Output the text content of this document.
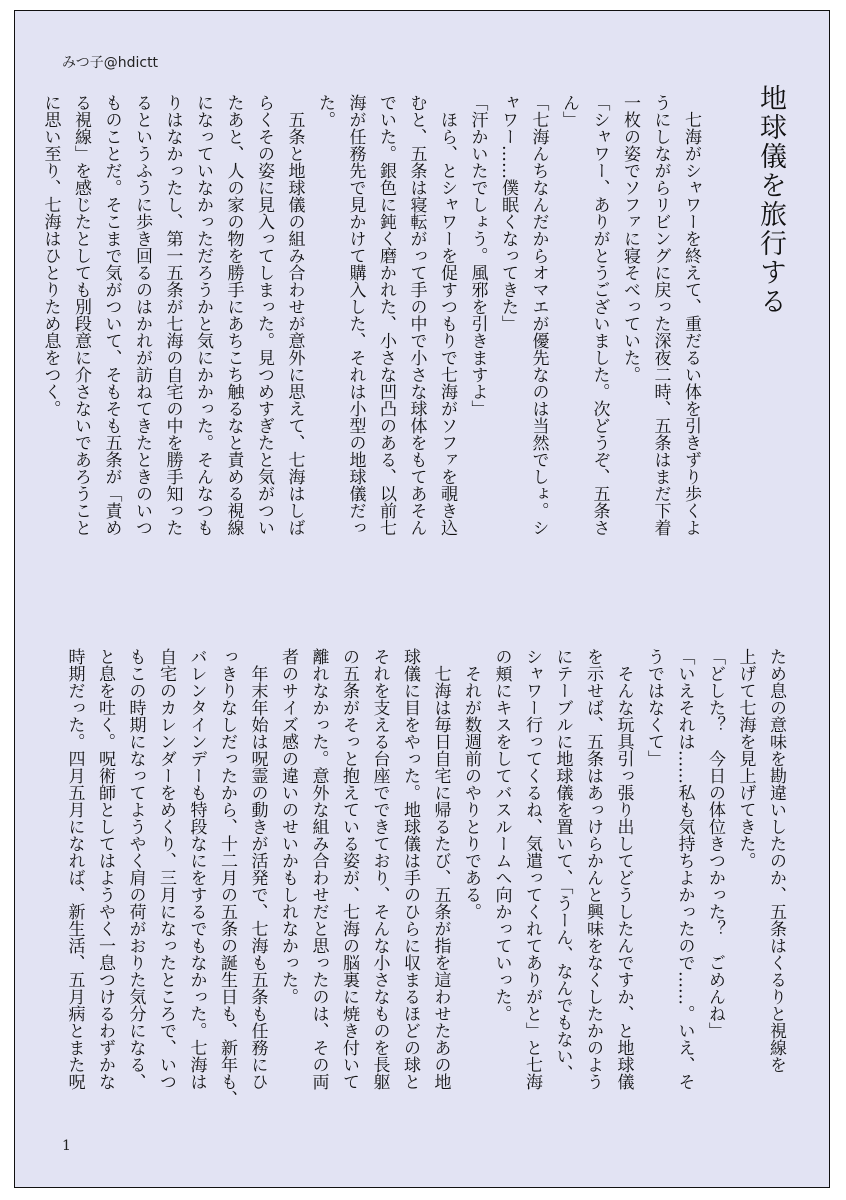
みつ子@hdictt
地球儀を旅行する
　七海がシャワーを終えて、重だるい体を引きずり歩くよ
うにしながらリビングに戻った深夜二時、五条はまだ下着
一枚の姿でソファに寝そべっていた。
「シャワー、ありがとうございました。次どうぞ、五条さ
ん」
「七海んちなんだからオマエが優先なのは当然でしょ。シ
ャワー……僕眠くなってきた」
「汗かいたでしょう。風邪を引きますよ」
　ほら、とシャワーを促すつもりで七海がソファを覗き込
むと、五条は寝転がって手の中で小さな球体をもてあそん
でいた。銀色に鈍く磨かれた、小さな凹凸のある、以前七
海が任務先で見かけて購入した、それは小型の地球儀だっ
た。
　五条と地球儀の組み合わせが意外に思えて、七海はしば
らくその姿に見入ってしまった。見つめすぎたと気がつい
たあと、人の家の物を勝手にあちこち触るなと責める視線
になっていなかっただろうかと気にかかった。そんなつも
りはなかったし、第一五条が七海の自宅の中を勝手知った
るというふうに歩き回るのはかれが訪ねてきたときのいつ
ものことだ。そこまで気がついて、そもそも五条が「責め
る視線」を感じたとしても別段意に介さないであろうこと
に思い至り、七海はひとりため息をつく。
ため息の意味を勘違いしたのか、五条はくるりと視線を
上げて七海を見上げてきた。
「どした？　今日の体位きつかった？　ごめんね」
「いえそれは……私も気持ちよかったので……。いえ、そ
うではなくて」
　そんな玩具引っ張り出してどうしたんですか、と地球儀
を示せば、五条はあっけらかんと興味をなくしたかのよう
にテーブルに地球儀を置いて、「うーん、なんでもない、
シャワー行ってくるね、気遣ってくれてありがと」と七海
の頬にキスをしてバスルームへ向かっていった。
　それが数週前のやりとりである。
　七海は毎日自宅に帰るたび、五条が指を這わせたあの地
球儀に目をやった。地球儀は手のひらに収まるほどの球と
それを支える台座でできており、そんな小さなものを長躯
の五条がそっと抱えている姿が、七海の脳裏に焼き付いて
離れなかった。意外な組み合わせだと思ったのは、その両
者のサイズ感の違いのせいかもしれなかった。
　年末年始は呪霊の動きが活発で、七海も五条も任務にひ
っきりなしだったから、十二月の五条の誕生日も、新年も、
バレンタインデーも特段なにをするでもなかった。七海は
自宅のカレンダーをめくり、三月になったところで、いつ
もこの時期になってようやく肩の荷がおりた気分になる、
と息を吐く。呪術師としてはようやく一息つけるわずかな
時期だった。四月五月になれば、新生活、五月病とまた呪
1
